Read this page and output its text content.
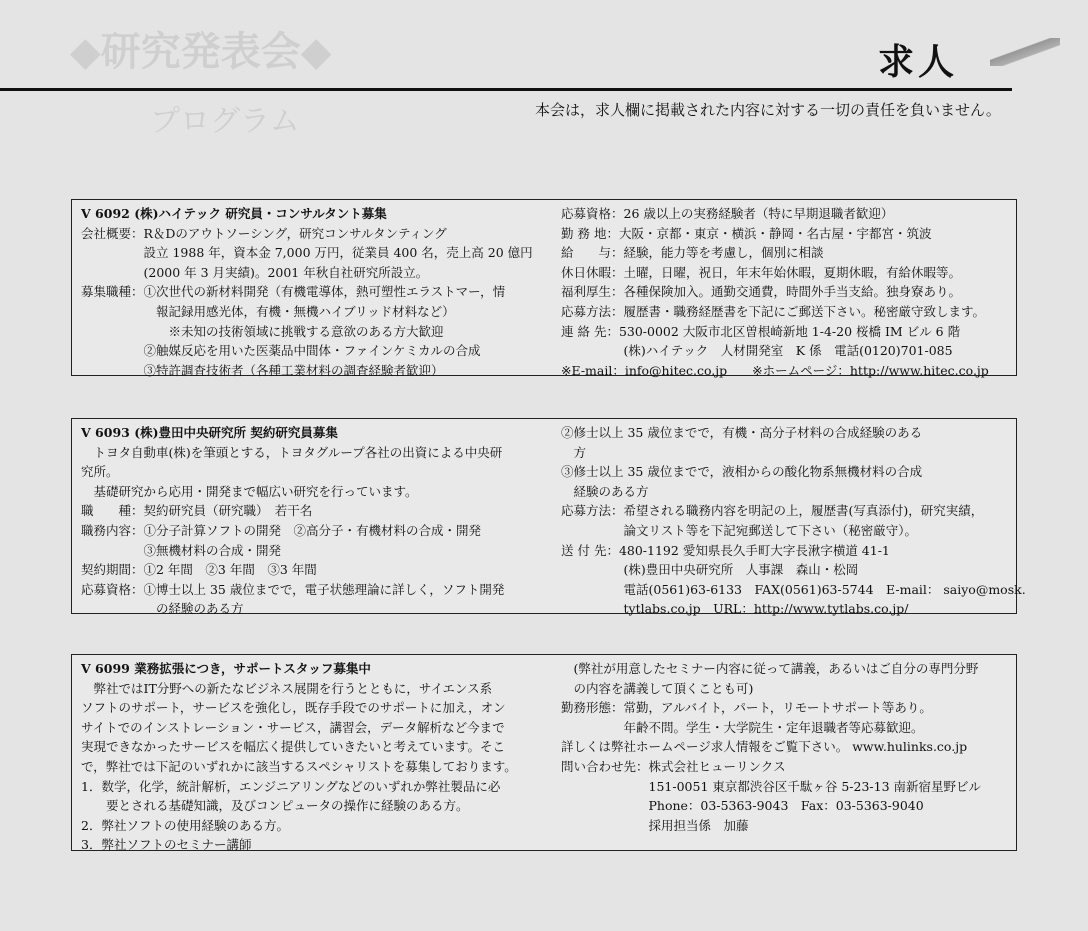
◆研究発表会◆
プログラム
求人
本会は，求人欄に掲載された内容に対する一切の責任を負いません。
V 6092 (株)ハイテック 研究員・コンサルタント募集
会社概要：R＆Dのアウトソーシング，研究コンサルタンティング
　　　　　設立 1988 年，資本金 7,000 万円，従業員 400 名，売上高 20 億円
　　　　　(2000 年 3 月実績)。2001 年秋自社研究所設立。
募集職種：①次世代の新材料開発（有機電導体，熱可塑性エラストマー，情
　　　　　　報記録用感光体，有機・無機ハイブリッド材料など）
　　　　　　　※未知の技術領域に挑戦する意欲のある方大歓迎
　　　　　②触媒反応を用いた医薬品中間体・ファインケミカルの合成
　　　　　③特許調査技術者（各種工業材料の調査経験者歓迎）
応募資格：26 歳以上の実務経験者（特に早期退職者歓迎）
勤 務 地：大阪・京都・東京・横浜・静岡・名古屋・宇都宮・筑波
給　　与：経験，能力等を考慮し，個別に相談
休日休暇：土曜，日曜，祝日，年末年始休暇，夏期休暇，有給休暇等。
福利厚生：各種保険加入。通勤交通費，時間外手当支給。独身寮あり。
応募方法：履歴書・職務経歴書を下記にご郵送下さい。秘密厳守致します。
連 絡 先：530-0002 大阪市北区曽根崎新地 1-4-20 桜橋 IM ビル 6 階
　　　　　(株)ハイテック　人材開発室　K 係　電話(0120)701-085
※E-mail：info@hitec.co.jp　　※ホームページ：http://www.hitec.co.jp
V 6093 (株)豊田中央研究所 契約研究員募集
　トヨタ自動車(株)を筆頭とする，トヨタグループ各社の出資による中央研
究所。
　基礎研究から応用・開発まで幅広い研究を行っています。
職　　種：契約研究員（研究職）　若干名
職務内容：①分子計算ソフトの開発　②高分子・有機材料の合成・開発
　　　　　③無機材料の合成・開発
契約期間：①2 年間　②3 年間　③3 年間
応募資格：①博士以上 35 歳位までで，電子状態理論に詳しく，ソフト開発
　　　　　　の経験のある方
②修士以上 35 歳位までで，有機・高分子材料の合成経験のある
　方
③修士以上 35 歳位までで，液相からの酸化物系無機材料の合成
　経験のある方
応募方法：希望される職務内容を明記の上，履歴書(写真添付)，研究実績，
　　　　　論文リスト等を下記宛郵送して下さい（秘密厳守）。
送 付 先：480-1192 愛知県長久手町大字長湫字横道 41-1
　　　　　(株)豊田中央研究所　人事課　森山・松岡
　　　　　電話(0561)63-6133　FAX(0561)63-5744　E-mail： saiyo@mosk.
　　　　　tytlabs.co.jp　URL：http://www.tytlabs.co.jp/
V 6099 業務拡張につき，サポートスタッフ募集中
　弊社ではIT分野への新たなビジネス展開を行うとともに，サイエンス系
ソフトのサポート，サービスを強化し，既存手段でのサポートに加え，オン
サイトでのインストレーション・サービス，講習会，データ解析など今まで
実現できなかったサービスを幅広く提供していきたいと考えています。そこ
で，弊社では下記のいずれかに該当するスペシャリストを募集しております。
1．数学，化学，統計解析，エンジニアリングなどのいずれか弊社製品に必
　　要とされる基礎知識，及びコンピュータの操作に経験のある方。
2．弊社ソフトの使用経験のある方。
3．弊社ソフトのセミナー講師
　(弊社が用意したセミナー内容に従って講義，あるいはご自分の専門分野
　の内容を講義して頂くことも可)
勤務形態：常勤，アルバイト，パート，リモートサポート等あり。
　　　　　年齢不問。学生・大学院生・定年退職者等応募歓迎。
詳しくは弊社ホームページ求人情報をご覧下さい。 www.hulinks.co.jp
問い合わせ先：株式会社ヒューリンクス
　　　　　　　151-0051 東京都渋谷区千駄ヶ谷 5-23-13 南新宿星野ビル
　　　　　　　Phone：03-5363-9043　Fax：03-5363-9040
　　　　　　　採用担当係　加藤
